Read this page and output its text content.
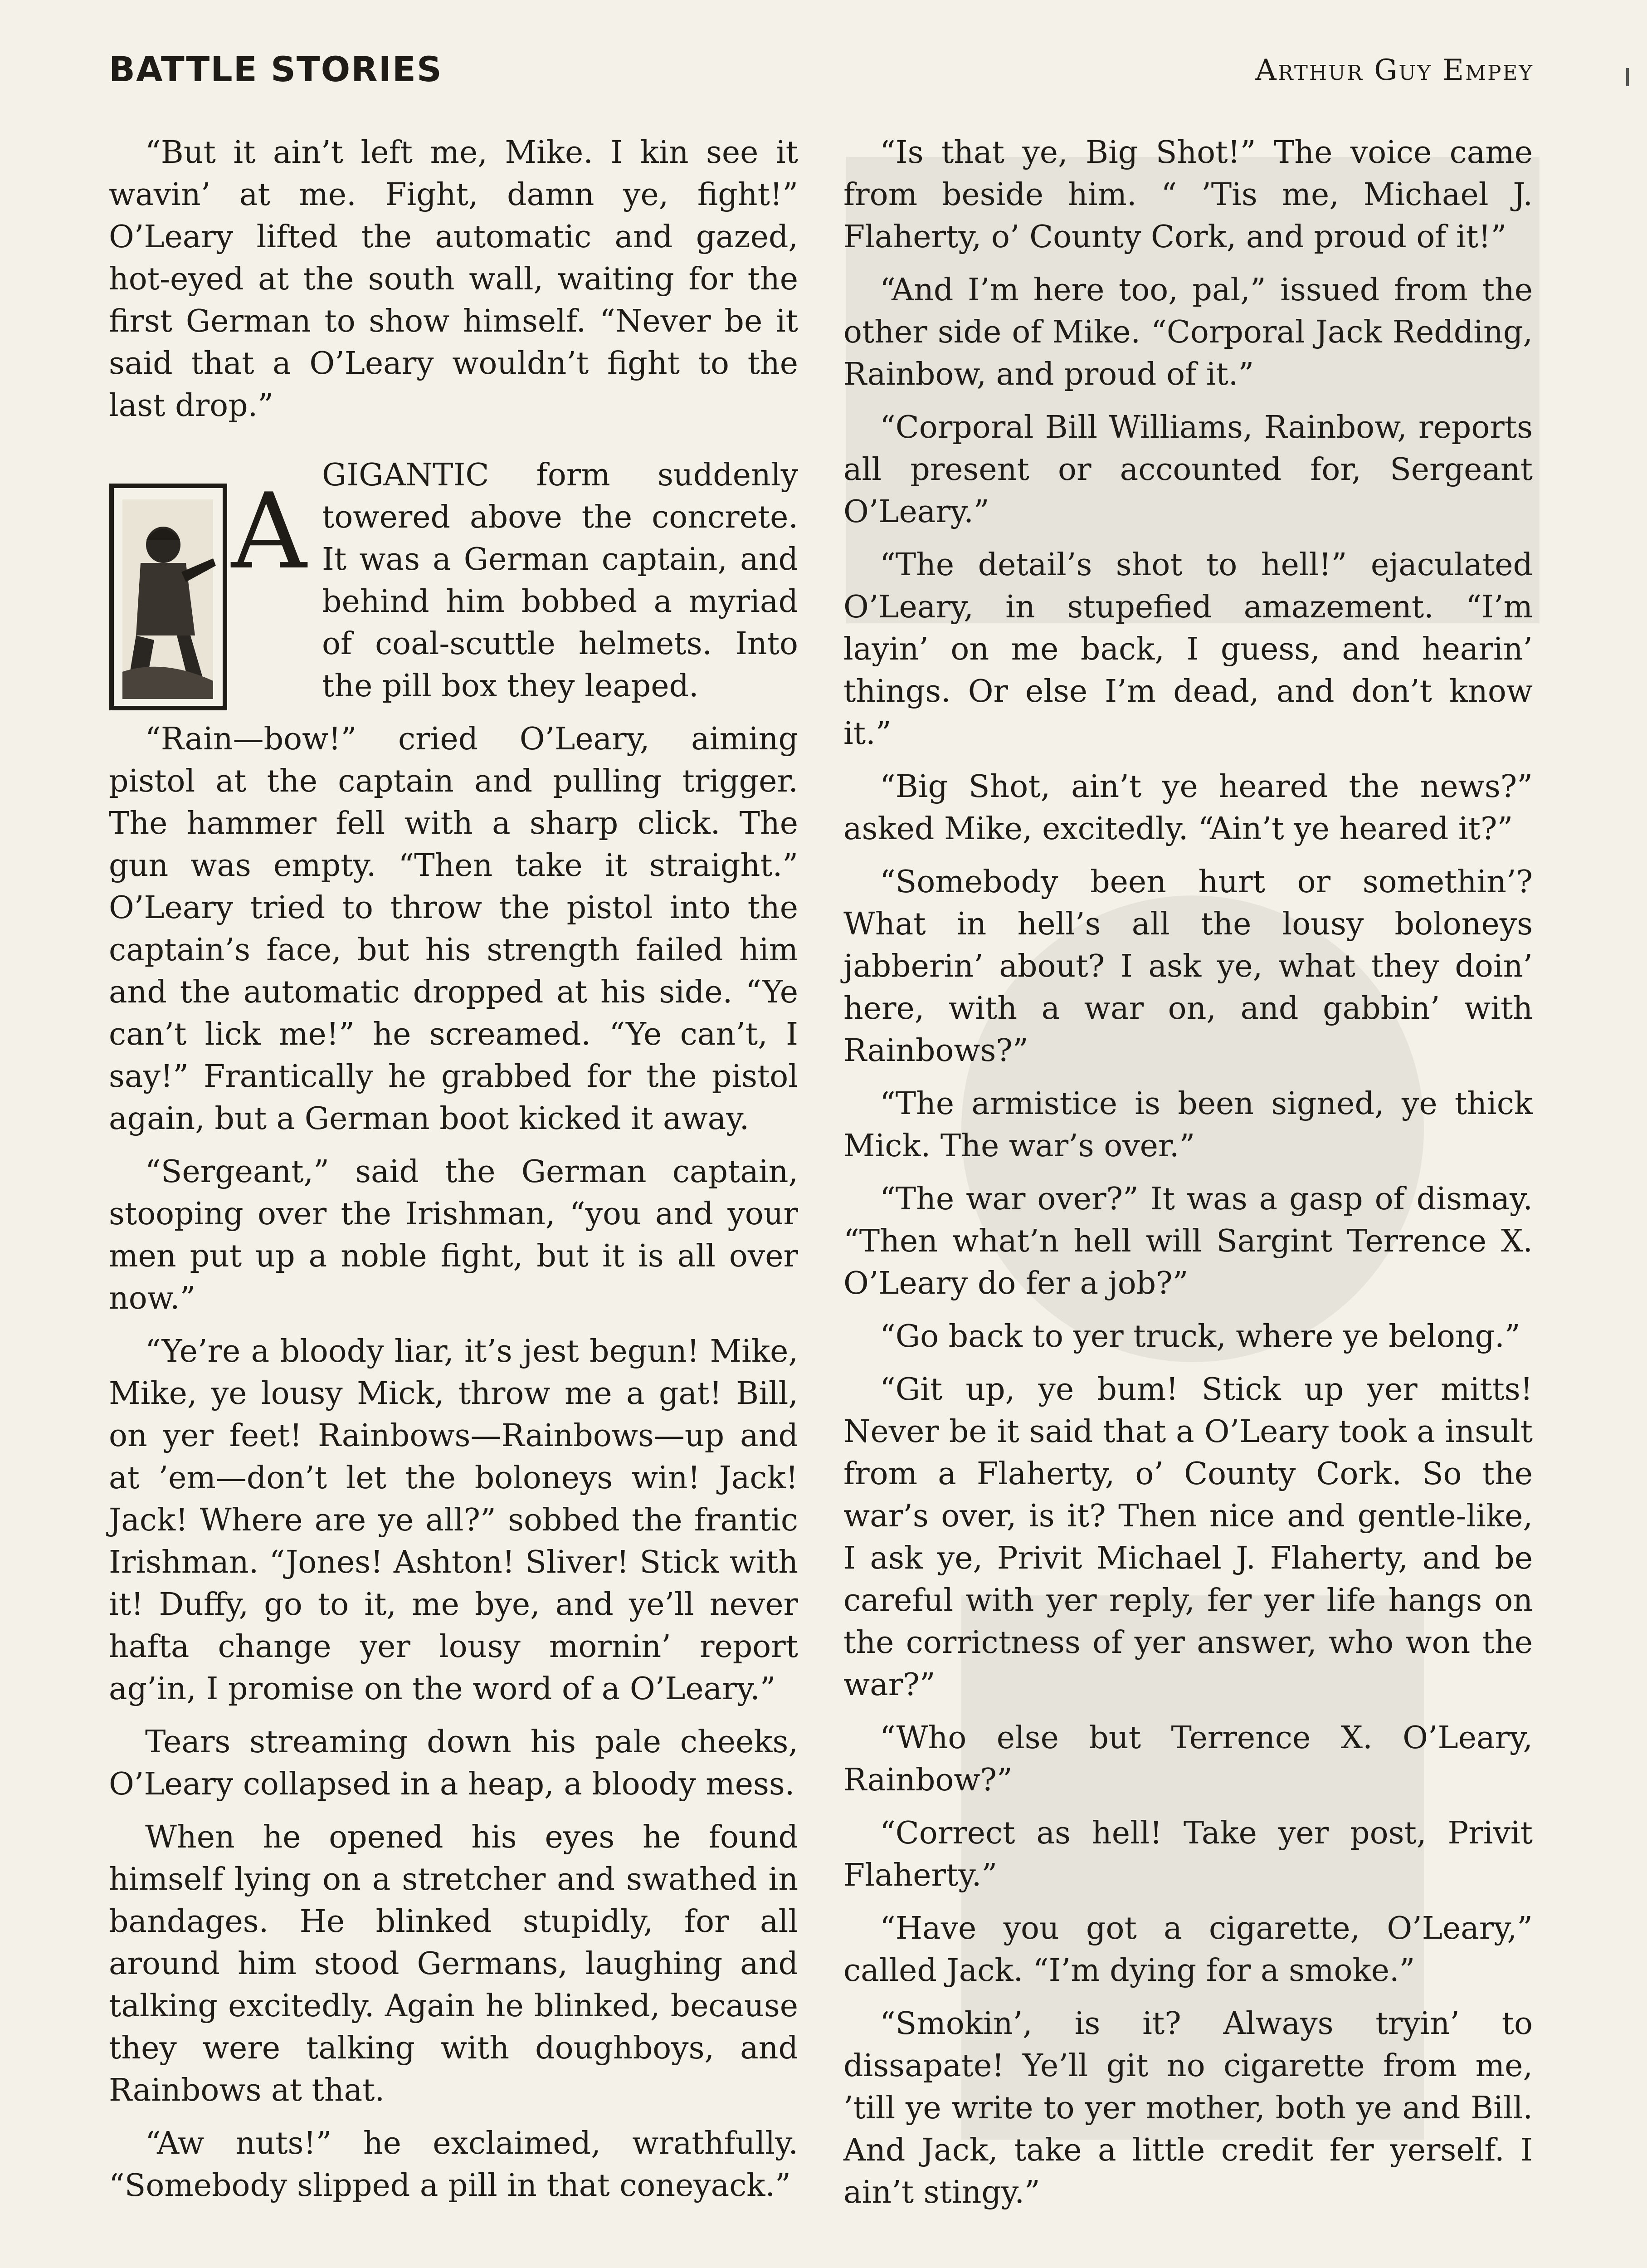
BATTLE STORIES	Arthur Guy Empey

“But it ain’t left me, Mike. I kin see it wavin’ at me. Fight, damn ye, fight!” O’Leary lifted the automatic and gazed, hot-eyed at the south wall, waiting for the first German to show himself. “Never be it said that a O’Leary wouldn’t fight to the last drop.”

A GIGANTIC form suddenly towered above the concrete. It was a German captain, and behind him bobbed a myriad of coal-scuttle helmets. Into the pill box they leaped.

“Rain—bow!” cried O’Leary, aiming pistol at the captain and pulling trigger. The hammer fell with a sharp click. The gun was empty. “Then take it straight.” O’Leary tried to throw the pistol into the captain’s face, but his strength failed him and the automatic dropped at his side. “Ye can’t lick me!” he screamed. “Ye can’t, I say!” Frantically he grabbed for the pistol again, but a German boot kicked it away.

“Sergeant,” said the German captain, stooping over the Irishman, “you and your men put up a noble fight, but it is all over now.”

“Ye’re a bloody liar, it’s jest begun! Mike, Mike, ye lousy Mick, throw me a gat! Bill, on yer feet! Rainbows—Rainbows—up and at ’em—don’t let the boloneys win! Jack! Jack! Where are ye all?” sobbed the frantic Irishman. “Jones! Ashton! Sliver! Stick with it! Duffy, go to it, me bye, and ye’ll never hafta change yer lousy mornin’ report ag’in, I promise on the word of a O’Leary.”

Tears streaming down his pale cheeks, O’Leary collapsed in a heap, a bloody mess.

When he opened his eyes he found himself lying on a stretcher and swathed in bandages. He blinked stupidly, for all around him stood Germans, laughing and talking excitedly. Again he blinked, because they were talking with doughboys, and Rainbows at that.

“Aw nuts!” he exclaimed, wrathfully. “Somebody slipped a pill in that coneyack.”

“Is that ye, Big Shot!” The voice came from beside him. “ ’Tis me, Michael J. Flaherty, o’ County Cork, and proud of it!”

“And I’m here too, pal,” issued from the other side of Mike. “Corporal Jack Redding, Rainbow, and proud of it.”

“Corporal Bill Williams, Rainbow, reports all present or accounted for, Sergeant O’Leary.”

“The detail’s shot to hell!” ejaculated O’Leary, in stupefied amazement. “I’m layin’ on me back, I guess, and hearin’ things. Or else I’m dead, and don’t know it.”

“Big Shot, ain’t ye heared the news?” asked Mike, excitedly. “Ain’t ye heared it?”

“Somebody been hurt or somethin’? What in hell’s all the lousy boloneys jabberin’ about? I ask ye, what they doin’ here, with a war on, and gabbin’ with Rainbows?”

“The armistice is been signed, ye thick Mick. The war’s over.”

“The war over?” It was a gasp of dismay. “Then what’n hell will Sargint Terrence X. O’Leary do fer a job?”

“Go back to yer truck, where ye belong.”

“Git up, ye bum! Stick up yer mitts! Never be it said that a O’Leary took a insult from a Flaherty, o’ County Cork. So the war’s over, is it? Then nice and gentle-like, I ask ye, Privit Michael J. Flaherty, and be careful with yer reply, fer yer life hangs on the corrictness of yer answer, who won the war?”

“Who else but Terrence X. O’Leary, Rainbow?”

“Correct as hell! Take yer post, Privit Flaherty.”

“Have you got a cigarette, O’Leary,” called Jack. “I’m dying for a smoke.”

“Smokin’, is it? Always tryin’ to dissapate! Ye’ll git no cigarette from me, ’till ye write to yer mother, both ye and Bill. And Jack, take a little credit fer yerself. I ain’t stingy.”
